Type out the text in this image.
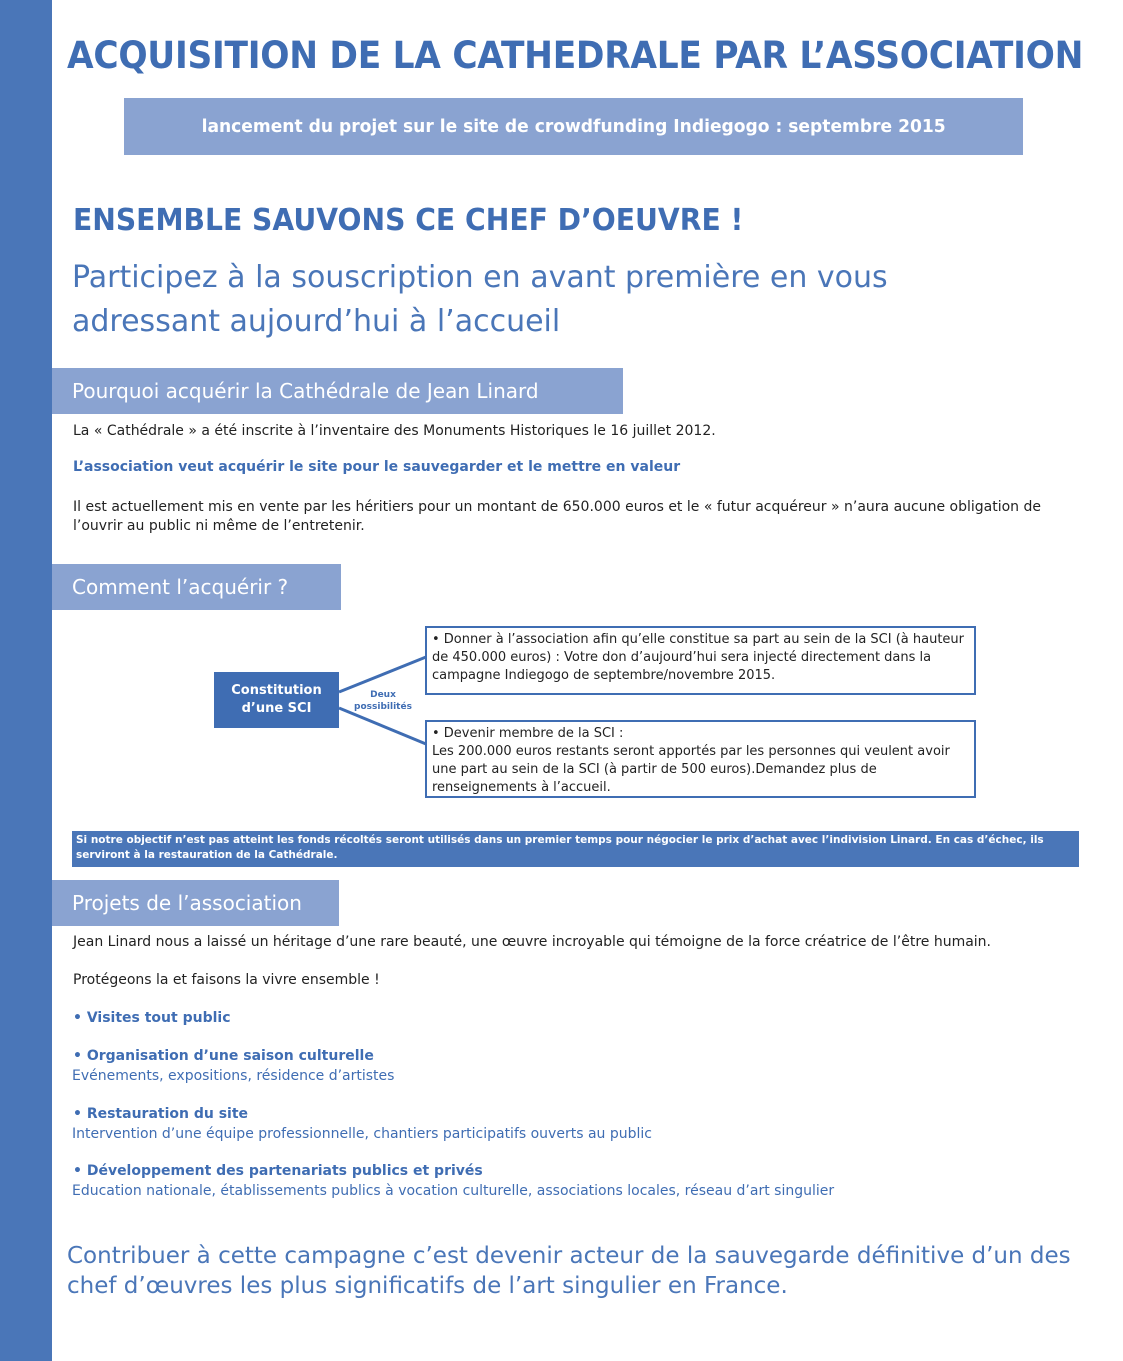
ACQUISITION DE LA CATHEDRALE PAR L’ASSOCIATION
lancement du projet sur le site de crowdfunding Indiegogo : septembre 2015
ENSEMBLE SAUVONS CE CHEF D’OEUVRE !
Participez à la souscription en avant première en vous adressant aujourd’hui à l’accueil
Pourquoi acquérir la Cathédrale de Jean Linard
La « Cathédrale » a été inscrite à l’inventaire des Monuments Historiques le 16 juillet 2012.
L’association veut acquérir le site pour le sauvegarder et le mettre en valeur
Il est actuellement mis en vente par les héritiers pour un montant de 650.000 euros et le « futur acquéreur » n’aura aucune obligation de l’ouvrir au public ni même de l’entretenir.
Comment l’acquérir ?
Constitution d’une SCI
Deux possibilités
• Donner à l’association afin qu’elle constitue sa part au sein de la SCI (à hauteur de 450.000 euros) : Votre don d’aujourd’hui sera injecté directement dans la campagne Indiegogo de septembre/novembre 2015.
• Devenir membre de la SCI :
Les 200.000 euros restants seront apportés par les personnes qui veulent avoir une part au sein de la SCI (à partir de 500 euros).Demandez plus de renseignements à l’accueil.
Si notre objectif n’est pas atteint les fonds récoltés seront utilisés dans un premier temps pour négocier le prix d’achat avec l’indivision Linard. En cas d’échec, ils serviront à la restauration de la Cathédrale.
Projets de l’association
Jean Linard nous a laissé un héritage d’une rare beauté, une œuvre incroyable qui témoigne de la force créatrice de l’être humain.
Protégeons la et faisons la vivre ensemble !
• Visites tout public
• Organisation d’une saison culturelle
Evénements, expositions, résidence d’artistes
• Restauration du site
Intervention d’une équipe professionnelle, chantiers participatifs ouverts au public
• Développement des partenariats publics et privés
Education nationale, établissements publics à vocation culturelle, associations locales, réseau d’art singulier
Contribuer à cette campagne c’est devenir acteur de la sauvegarde définitive d’un des chef d’œuvres les plus significatifs de l’art singulier en France.
